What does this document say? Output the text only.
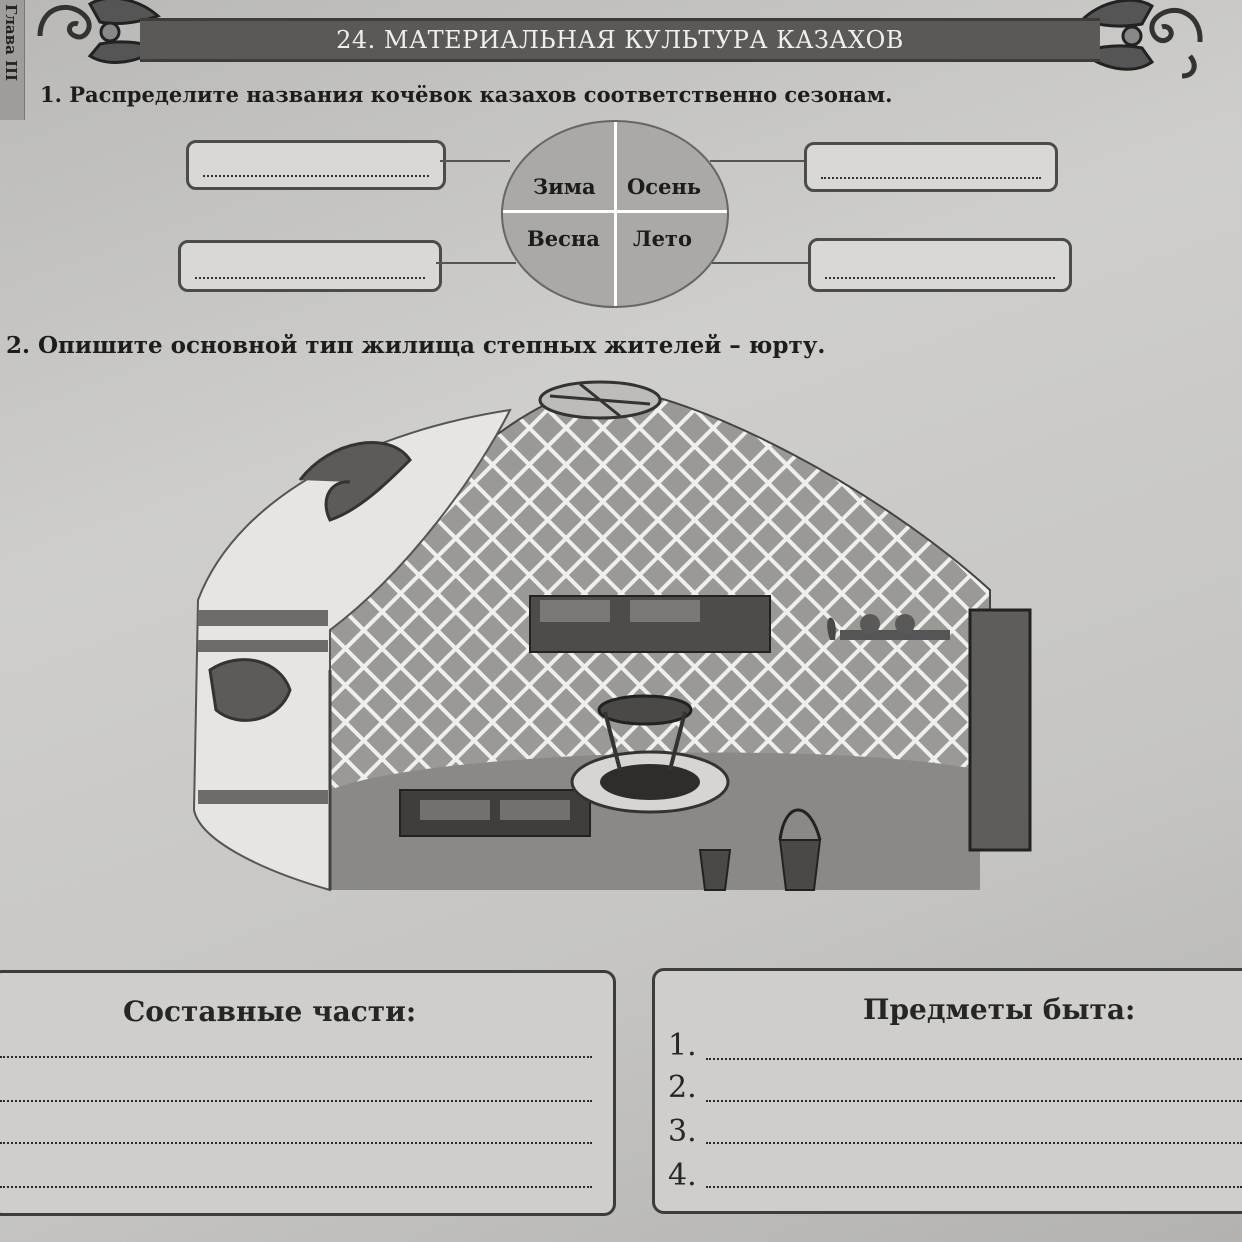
Глава III	24. МАТЕРИАЛЬНАЯ КУЛЬТУРА КАЗАХОВ
1. Распределите названия кочёвок казахов соответственно сезонам.
Зима Осень
Весна Лето
2. Опишите основной тип жилища степных жителей – юрту.
Составные части:	Предметы быта:
1.
2.
3.
4.
